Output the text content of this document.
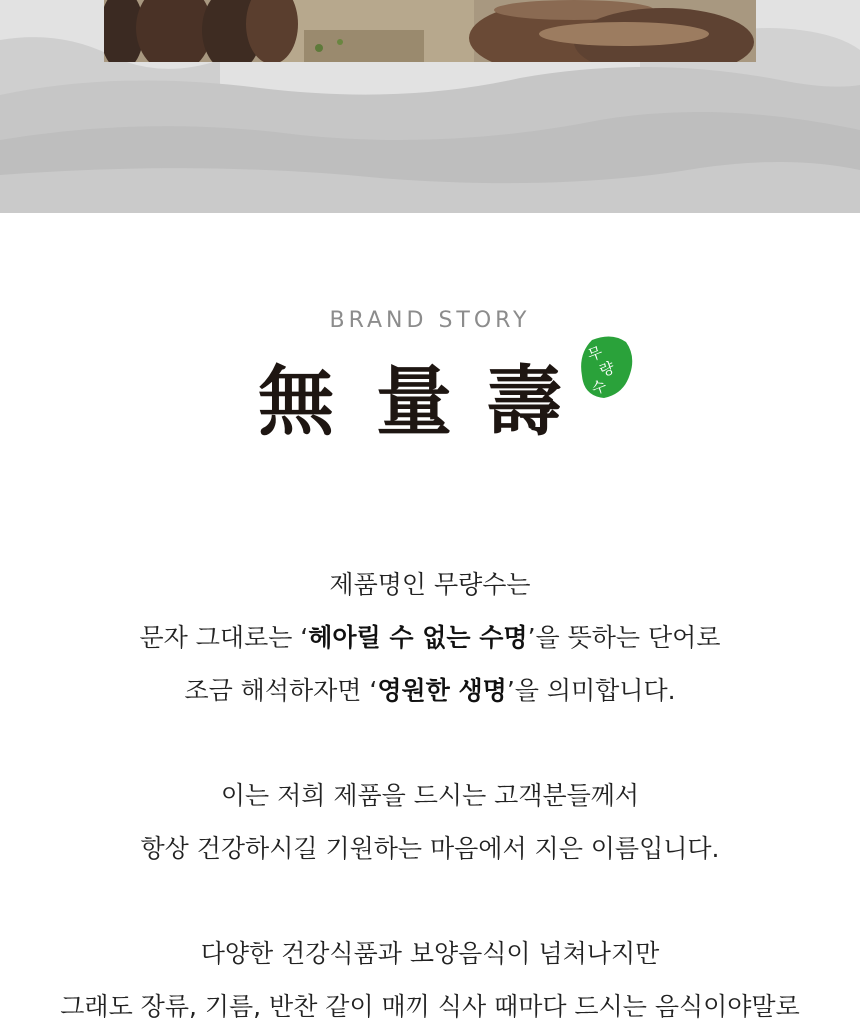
BRAND STORY
無 量 壽
무
량
수

제품명인 무량수는

문자 그대로는 ‘헤아릴 수 없는 수명’을 뜻하는 단어로

조금 해석하자면 ‘영원한 생명’을 의미합니다.

이는 저희 제품을 드시는 고객분들께서

항상 건강하시길 기원하는 마음에서 지은 이름입니다.

다양한 건강식품과 보양음식이 넘쳐나지만

그래도 장류, 기름, 반찬 같이 매끼 식사 때마다 드시는 음식이야말로
